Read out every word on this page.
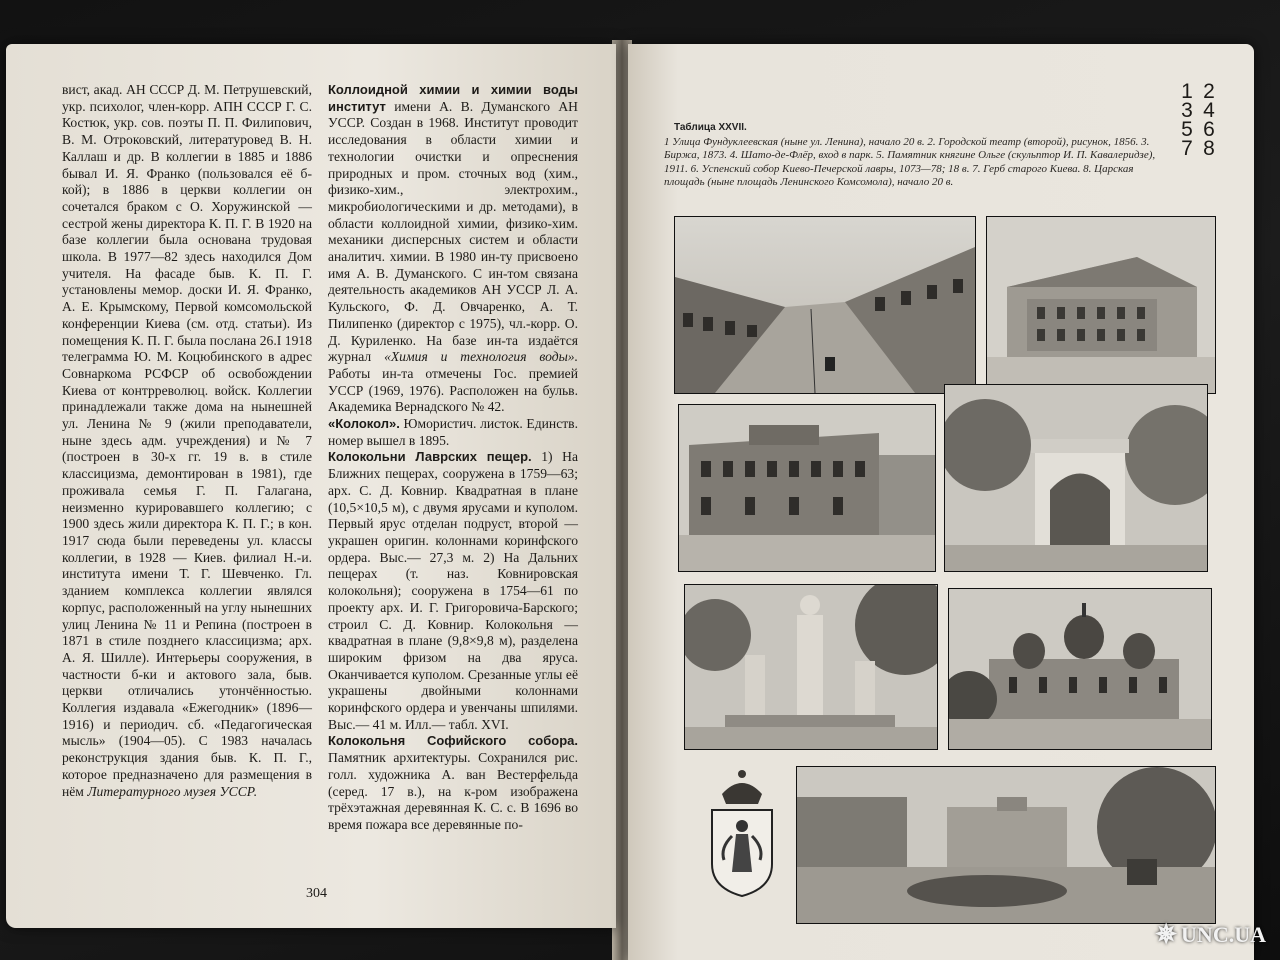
вист, акад. АН СССР Д. М. Петрушевский, укр. психолог, член-корр. АПН СССР Г. С. Костюк, укр. сов. поэты П. П. Филипович, В. М. Отроковский, литературовед В. Н. Каллаш и др. В коллегии в 1885 и 1886 бывал И. Я. Франко (пользовался её б-кой); в 1886 в церкви коллегии он сочетался браком с О. Хоружинской — сестрой жены директора К. П. Г. В 1920 на базе коллегии была основана трудовая школа. В 1977—82 здесь находился Дом учителя. На фасаде быв. К. П. Г. установлены мемор. доски И. Я. Франко, А. Е. Крымскому, Первой комсомольской конференции Киева (см. отд. статьи). Из помещения К. П. Г. была послана 26.I 1918 телеграмма Ю. М. Коцюбинского в адрес Совнаркома РСФСР об освобождении Киева от контрреволюц. войск. Коллегии принадлежали также дома на нынешней ул. Ленина № 9 (жили преподаватели, ныне здесь адм. учреждения) и № 7 (построен в 30-х гг. 19 в. в стиле классицизма, демонтирован в 1981), где проживала семья Г. П. Галагана, неизменно курировавшего коллегию; с 1900 здесь жили директора К. П. Г.; в кон. 1917 сюда были переведены ул. классы коллегии, в 1928 — Киев. филиал Н.-и. института имени Т. Г. Шевченко. Гл. зданием комплекса коллегии являлся корпус, расположенный на углу нынешних улиц Ленина № 11 и Репина (построен в 1871 в стиле позднего классицизма; арх. А. Я. Шилле). Интерьеры сооружения, в частности б-ки и актового зала, быв. церкви отличались утончённостью. Коллегия издавала «Ежегодник» (1896—1916) и периодич. сб. «Педагогическая мысль» (1904—05). С 1983 началась реконструкция здания быв. К. П. Г., которое предназначено для размещения в нём Литературного музея УССР.

Коллоидной химии и химии воды институт имени А. В. Думанского АН УССР. Создан в 1968. Институт проводит исследования в области химии и технологии очистки и опреснения природных и пром. сточных вод (хим., физико-хим., электрохим., микробиологическими и др. методами), в области коллоидной химии, физико-хим. механики дисперсных систем и области аналитич. химии. В 1980 ин-ту присвоено имя А. В. Думанского. С ин-том связана деятельность академиков АН УССР Л. А. Кульского, Ф. Д. Овчаренко, А. Т. Пилипенко (директор с 1975), чл.-корр. О. Д. Куриленко. На базе ин-та издаётся журнал «Химия и технология воды». Работы ин-та отмечены Гос. премией УССР (1969, 1976). Расположен на бульв. Академика Вернадского № 42.

«Колокол». Юмористич. листок. Единств. номер вышел в 1895.

Колокольни Лаврских пещер. 1) На Ближних пещерах, сооружена в 1759—63; арх. С. Д. Ковнир. Квадратная в плане (10,5×10,5 м), с двумя ярусами и куполом. Первый ярус отделан подруст, второй — украшен оригин. колоннами коринфского ордера. Выс.— 27,3 м. 2) На Дальних пещерах (т. наз. Ковнировская колокольня); сооружена в 1754—61 по проекту арх. И. Г. Григоровича-Барского; строил С. Д. Ковнир. Колокольня — квадратная в плане (9,8×9,8 м), разделена широким фризом на два яруса. Оканчивается куполом. Срезанные углы её украшены двойными колоннами коринфского ордера и увенчаны шпилями. Выс.— 41 м. Илл.— табл. XVI.

Колокольня Софийского собора. Памятник архитектуры. Сохранился рис. голл. художника А. ван Вестерфельда (серед. 17 в.), на к-ром изображена трёхэтажная деревянная К. С. с. В 1696 во время пожара все деревянные по-

304
Таблица XXVII.
1 Улица Фундуклеевская (ныне ул. Ленина), начало 20 в. 2. Городской театр (второй), рисунок, 1856. 3. Биржа, 1873. 4. Шато-де-Флёр, вход в парк. 5. Памятник княгине Ольге (скульптор И. П. Кавалеридзе), 1911. 6. Успенский собор Киево-Печерской лавры, 1073—78; 18 в. 7. Герб старого Киева. 8. Царская площадь (ныне площадь Ленинского Комсомола), начало 20 в.
1 2
3 4
5 6
7 8
✵ UNC.UA
